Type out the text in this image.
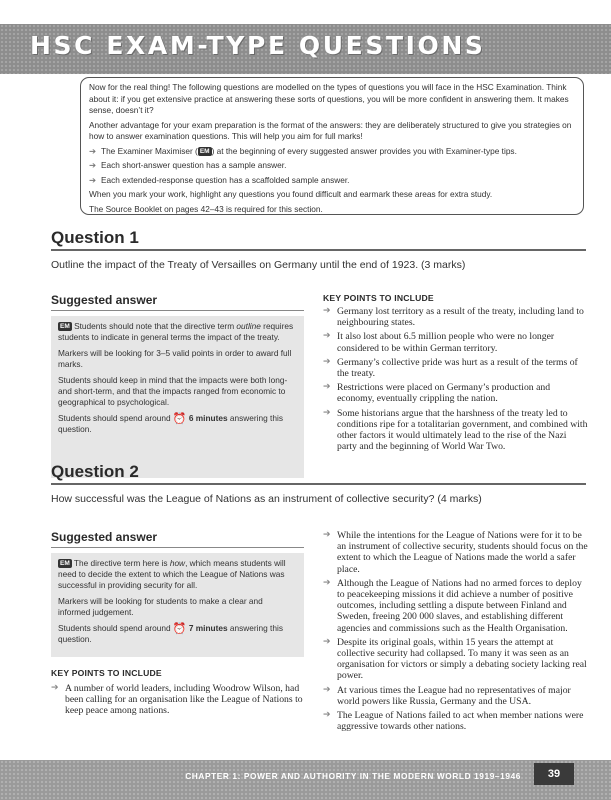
HSC EXAM-TYPE QUESTIONS

Now for the real thing! The following questions are modelled on the types of questions you will face in the HSC Examination. Think about it: if you get extensive practice at answering these sorts of questions, you will be more confident in answering them. It makes sense, doesn’t it?

Another advantage for your exam preparation is the format of the answers: they are deliberately structured to give you strategies on how to answer examination questions. This will help you aim for full marks!

➔ The Examiner Maximiser ( EM ) at the beginning of every suggested answer provides you with Examiner-type tips.

➔ Each short-answer question has a sample answer.

➔ Each extended-response question has a scaffolded sample answer.

When you mark your work, highlight any questions you found difficult and earmark these areas for extra study.

The Source Booklet on pages 42–43 is required for this section.

Question 1
Outline the impact of the Treaty of Versailles on Germany until the end of 1923. (3 marks)
Suggested answer

EM Students should note that the directive term outline requires students to indicate in general terms the impact of the treaty.

Markers will be looking for 3–5 valid points in order to award full marks.

Students should keep in mind that the impacts were both long- and short-term, and that the impacts ranged from economic to geographical to psychological.

Students should spend around ⏰ 6 minutes answering this question.

KEY POINTS TO INCLUDE
➔ Germany lost territory as a result of the treaty, including land to neighbouring states.
➔ It also lost about 6.5 million people who were no longer considered to be within German territory.
➔ Germany’s collective pride was hurt as a result of the terms of the treaty.
➔ Restrictions were placed on Germany’s production and economy, eventually crippling the nation.
➔ Some historians argue that the harshness of the treaty led to conditions ripe for a totalitarian government, and combined with other factors it would ultimately lead to the rise of the Nazi party and the beginning of World War Two.
Question 2
How successful was the League of Nations as an instrument of collective security? (4 marks)
Suggested answer

EM The directive term here is how, which means students will need to decide the extent to which the League of Nations was successful in providing security for all.

Markers will be looking for students to make a clear and informed judgement.

Students should spend around ⏰ 7 minutes answering this question.

KEY POINTS TO INCLUDE
➔ A number of world leaders, including Woodrow Wilson, had been calling for an organisation like the League of Nations to keep peace among nations.
➔ While the intentions for the League of Nations were for it to be an instrument of collective security, students should focus on the extent to which the League of Nations made the world a safer place.
➔ Although the League of Nations had no armed forces to deploy to peacekeeping missions it did achieve a number of positive outcomes, including settling a dispute between Finland and Sweden, freeing 200 000 slaves, and establishing different agencies and commissions such as the Health Organisation.
➔ Despite its original goals, within 15 years the attempt at collective security had collapsed. To many it was seen as an organisation for victors or simply a debating society lacking real power.
➔ At various times the League had no representatives of major world powers like Russia, Germany and the USA.
➔ The League of Nations failed to act when member nations were aggressive towards other nations.
CHAPTER 1: POWER AND AUTHORITY IN THE MODERN WORLD 1919–1946	39
